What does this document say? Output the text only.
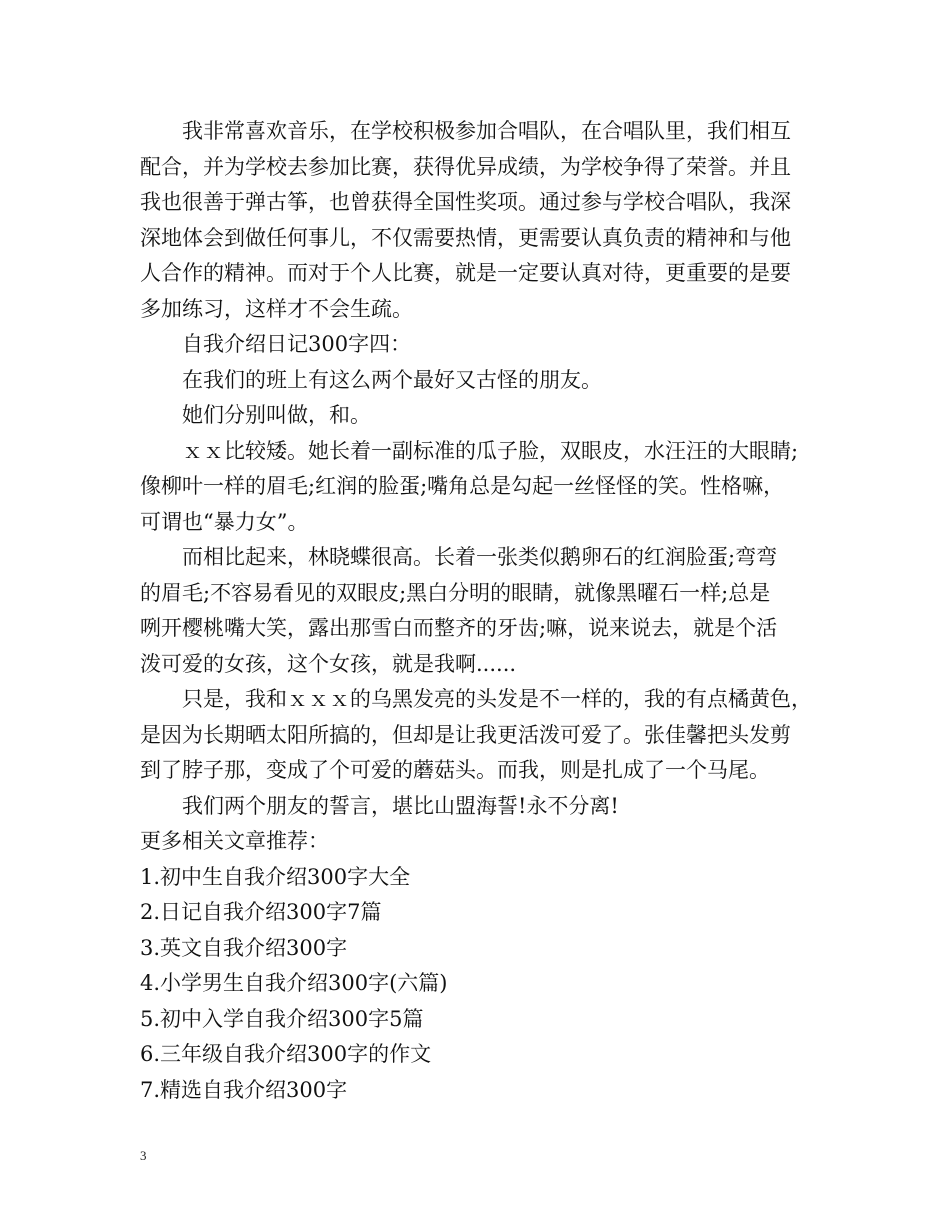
我非常喜欢音乐，在学校积极参加合唱队，在合唱队里，我们相互
配合，并为学校去参加比赛，获得优异成绩，为学校争得了荣誉。并且
我也很善于弹古筝，也曾获得全国性奖项。通过参与学校合唱队，我深
深地体会到做任何事儿，不仅需要热情，更需要认真负责的精神和与他
人合作的精神。而对于个人比赛，就是一定要认真对待，更重要的是要
多加练习，这样才不会生疏。
自我介绍日记300字四：
在我们的班上有这么两个最好又古怪的朋友。
她们分别叫做，和。
ｘｘ比较矮。她长着一副标准的瓜子脸，双眼皮，水汪汪的大眼睛;
像柳叶一样的眉毛;红润的脸蛋;嘴角总是勾起一丝怪怪的笑。性格嘛，
可谓也“暴力女”。
而相比起来，林晓蝶很高。长着一张类似鹅卵石的红润脸蛋;弯弯
的眉毛;不容易看见的双眼皮;黑白分明的眼睛，就像黑曜石一样;总是
咧开樱桃嘴大笑，露出那雪白而整齐的牙齿;嘛，说来说去，就是个活
泼可爱的女孩，这个女孩，就是我啊......
只是，我和ｘｘｘ的乌黑发亮的头发是不一样的，我的有点橘黄色，
是因为长期晒太阳所搞的，但却是让我更活泼可爱了。张佳馨把头发剪
到了脖子那，变成了个可爱的蘑菇头。而我，则是扎成了一个马尾。
我们两个朋友的誓言，堪比山盟海誓!永不分离!
更多相关文章推荐：
1.初中生自我介绍300字大全
2.日记自我介绍300字7篇
3.英文自我介绍300字
4.小学男生自我介绍300字(六篇)
5.初中入学自我介绍300字5篇
6.三年级自我介绍300字的作文
7.精选自我介绍300字
3
